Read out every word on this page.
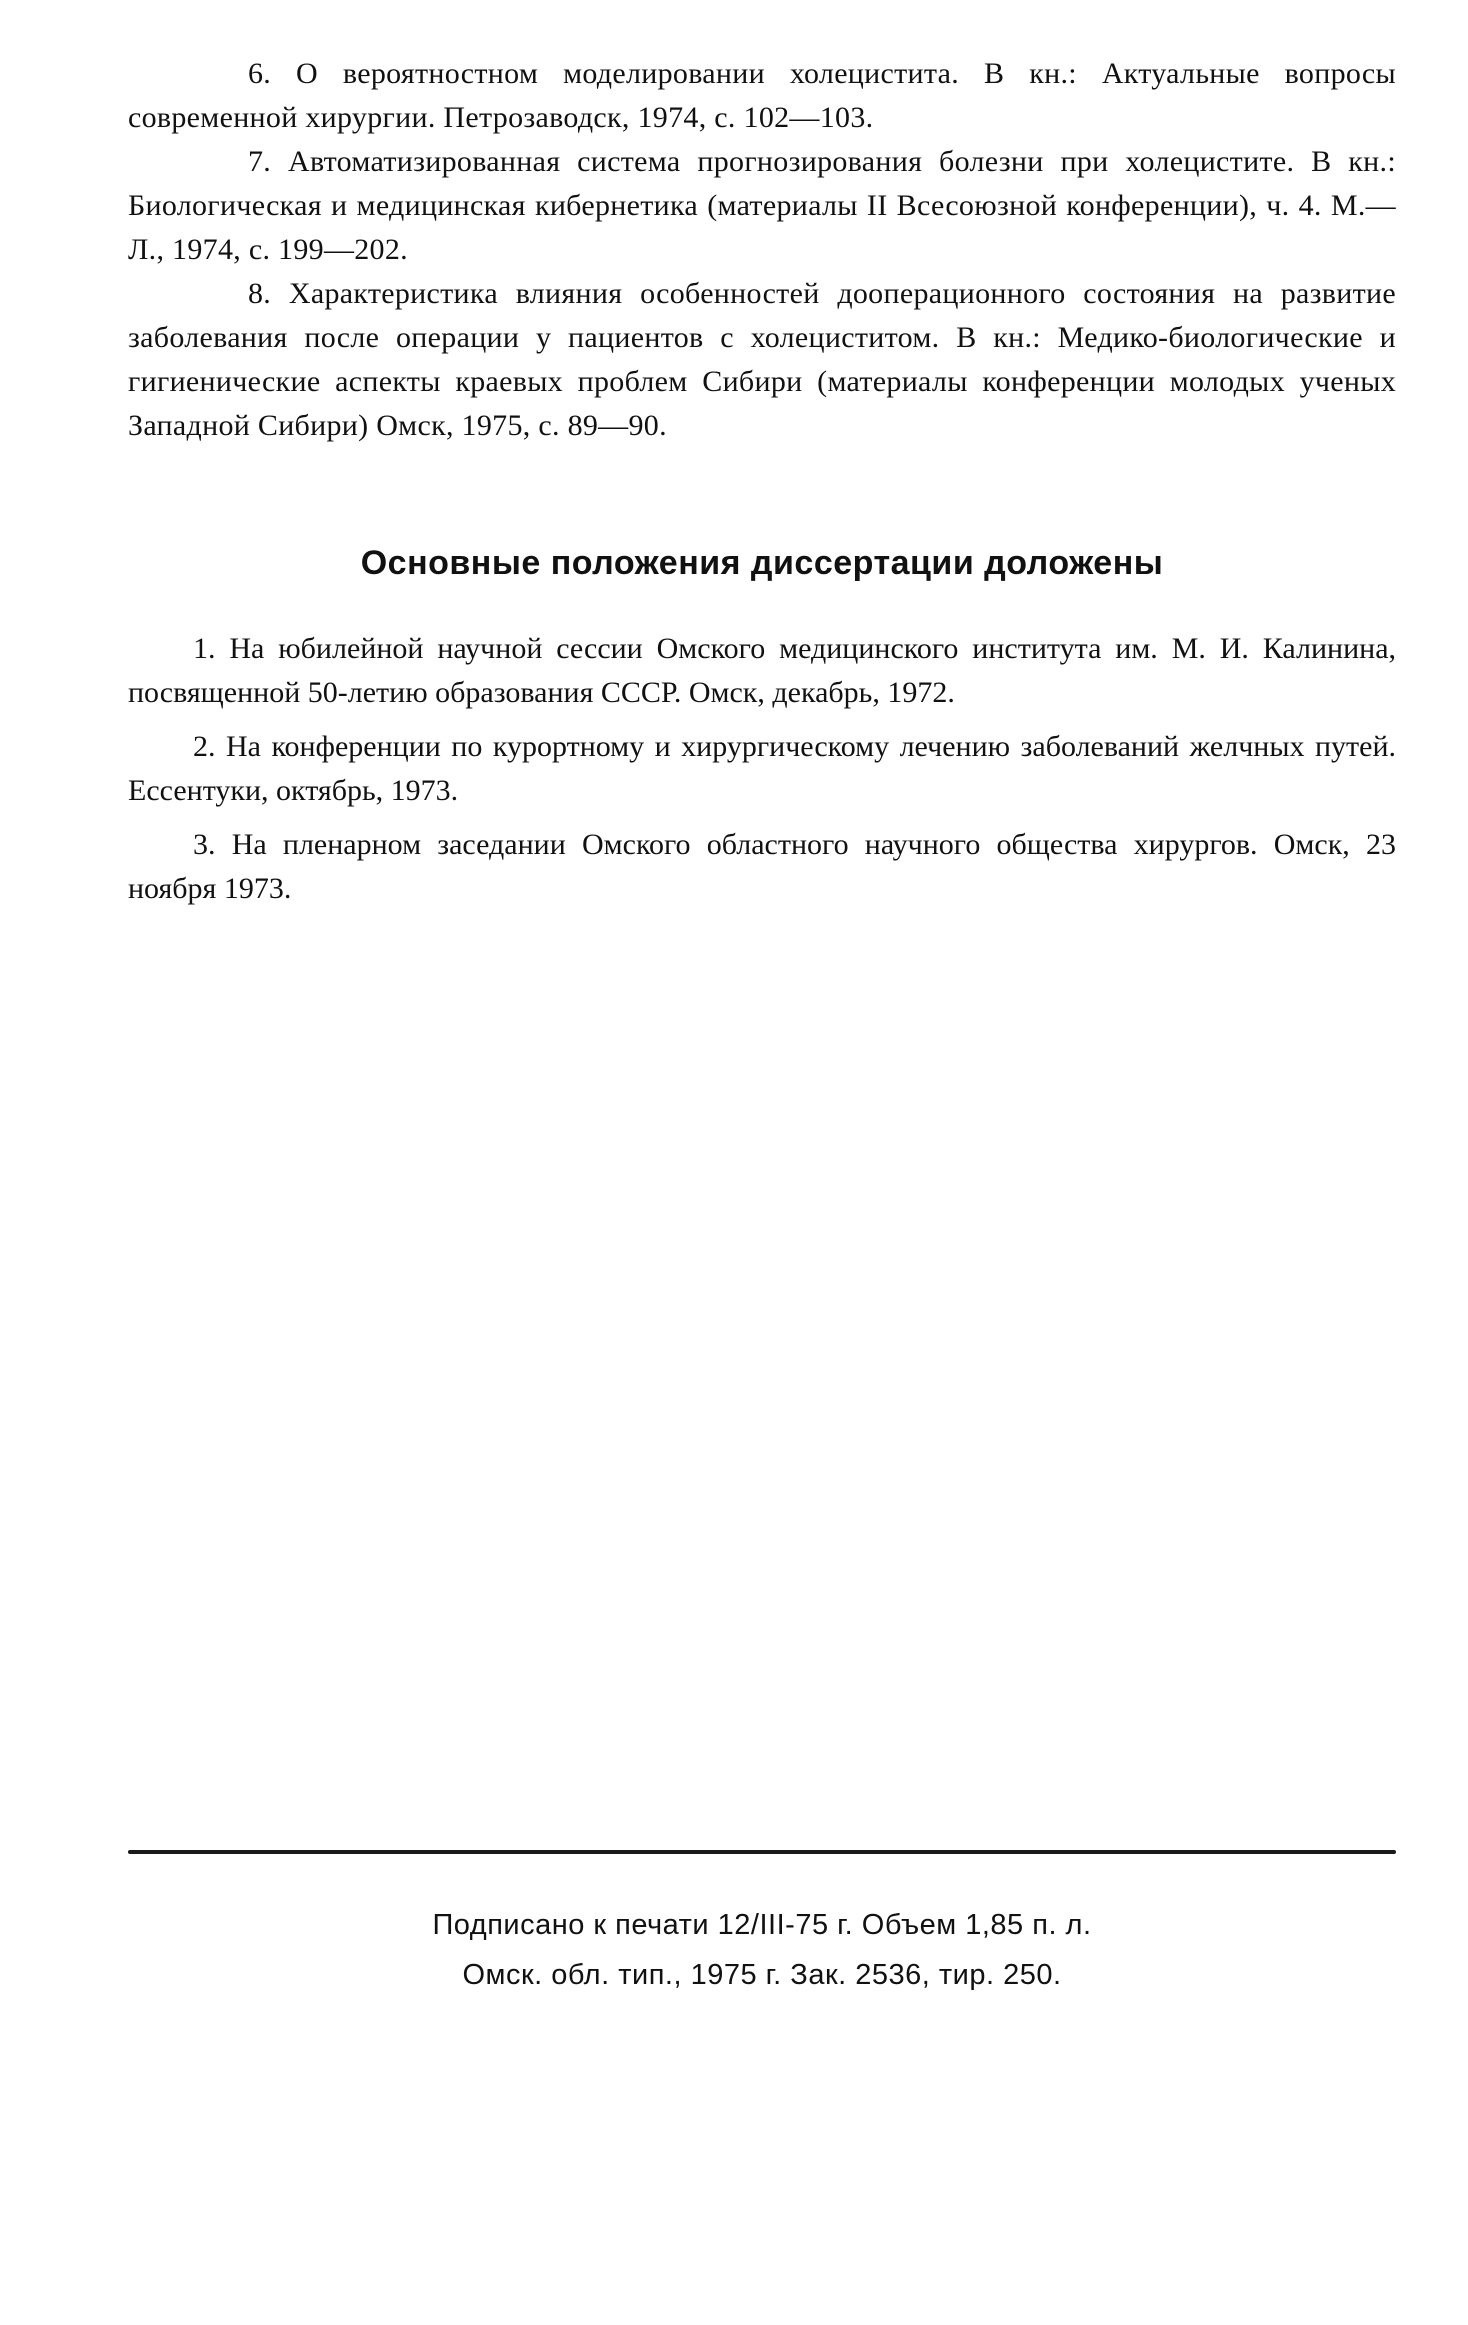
6. О вероятностном моделировании холецистита. В кн.: Актуальные вопросы современной хирургии. Петрозаводск, 1974, с. 102—103.

7. Автоматизированная система прогнозирования болезни при холецистите. В кн.: Биологическая и медицинская кибернетика (материалы II Всесоюзной конференции), ч. 4. М.—Л., 1974, с. 199—202.

8. Характеристика влияния особенностей дооперационного состояния на развитие заболевания после операции у пациентов с холециститом. В кн.: Медико-биологические и гигиенические аспекты краевых проблем Сибири (материалы конференции молодых ученых Западной Сибири) Омск, 1975, с. 89—90.

Основные положения диссертации доложены

1. На юбилейной научной сессии Омского медицинского института им. М. И. Калинина, посвященной 50-летию образования СССР. Омск, декабрь, 1972.

2. На конференции по курортному и хирургическому лечению заболеваний желчных путей. Ессентуки, октябрь, 1973.

3. На пленарном заседании Омского областного научного общества хирургов. Омск, 23 ноября 1973.

Подписано к печати 12/III-75 г. Объем 1,85 п. л.
Омск. обл. тип., 1975 г. Зак. 2536, тир. 250.
